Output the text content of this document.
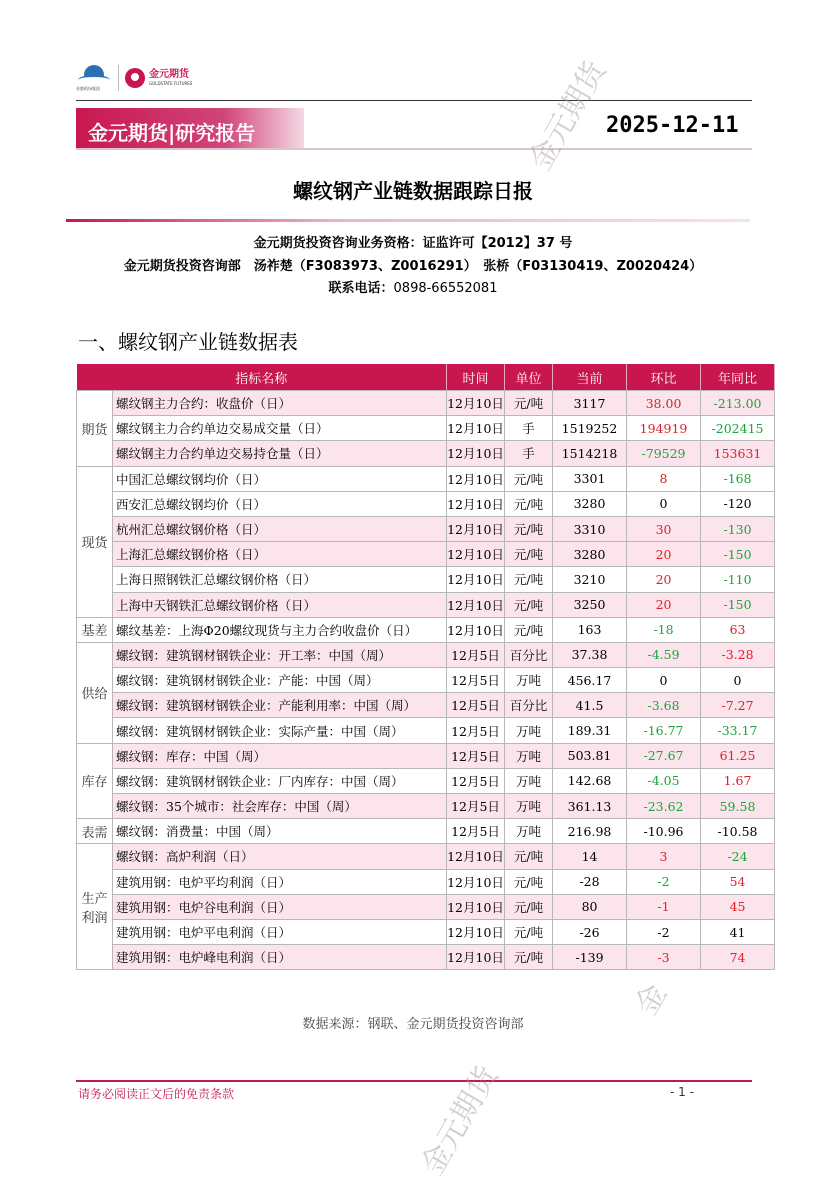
首都机场集团
金元期货
GOLDSTATE FUTURES
金元期货|研究报告	2025-12-11
螺纹钢产业链数据跟踪日报
金元期货投资咨询业务资格：证监许可【2012】37 号
金元期货投资咨询部　汤祚楚（F3083973、Z0016291）　张桥（F03130419、Z0020424）
联系电话：0898-66552081
一、螺纹钢产业链数据表
指标名称		时间	单位	当前	环比	年同比
期货	螺纹钢主力合约：收盘价（日）	12月10日	元/吨	3117	38.00	-213.00
	螺纹钢主力合约单边交易成交量（日）	12月10日	手	1519252	194919	-202415
	螺纹钢主力合约单边交易持仓量（日）	12月10日	手	1514218	-79529	153631
现货	中国汇总螺纹钢均价（日）	12月10日	元/吨	3301	8	-168
	西安汇总螺纹钢均价（日）	12月10日	元/吨	3280	0	-120
	杭州汇总螺纹钢价格（日）	12月10日	元/吨	3310	30	-130
	上海汇总螺纹钢价格（日）	12月10日	元/吨	3280	20	-150
	上海日照钢铁汇总螺纹钢价格（日）	12月10日	元/吨	3210	20	-110
	上海中天钢铁汇总螺纹钢价格（日）	12月10日	元/吨	3250	20	-150
基差	螺纹基差：上海Φ20螺纹现货与主力合约收盘价（日）	12月10日	元/吨	163	-18	63
供给	螺纹钢：建筑钢材钢铁企业：开工率：中国（周）	12月5日	百分比	37.38	-4.59	-3.28
	螺纹钢：建筑钢材钢铁企业：产能：中国（周）	12月5日	万吨	456.17	0	0
	螺纹钢：建筑钢材钢铁企业：产能利用率：中国（周）	12月5日	百分比	41.5	-3.68	-7.27
	螺纹钢：建筑钢材钢铁企业：实际产量：中国（周）	12月5日	万吨	189.31	-16.77	-33.17
库存	螺纹钢：库存：中国（周）	12月5日	万吨	503.81	-27.67	61.25
	螺纹钢：建筑钢材钢铁企业：厂内库存：中国（周）	12月5日	万吨	142.68	-4.05	1.67
	螺纹钢：35个城市：社会库存：中国（周）	12月5日	万吨	361.13	-23.62	59.58
表需	螺纹钢：消费量：中国（周）	12月5日	万吨	216.98	-10.96	-10.58
生产利润	螺纹钢：高炉利润（日）	12月10日	元/吨	14	3	-24
	建筑用钢：电炉平均利润（日）	12月10日	元/吨	-28	-2	54
	建筑用钢：电炉谷电利润（日）	12月10日	元/吨	80	-1	45
	建筑用钢：电炉平电利润（日）	12月10日	元/吨	-26	-2	41
	建筑用钢：电炉峰电利润（日）	12月10日	元/吨	-139	-3	74
数据来源：钢联、金元期货投资咨询部
请务必阅读正文后的免责条款	- 1 -
金元期货
金
金元期货
